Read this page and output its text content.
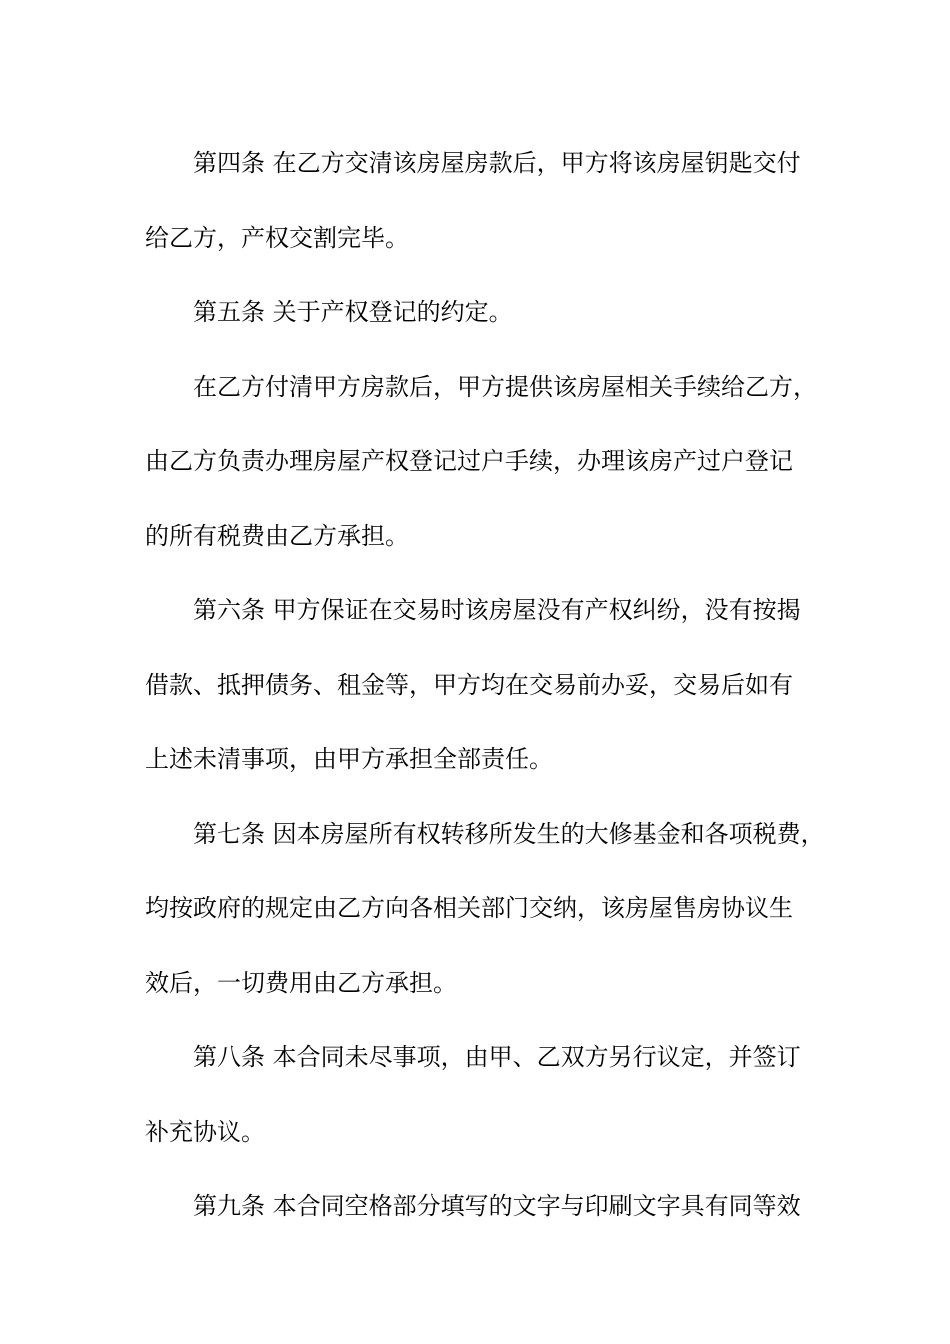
第四条 在乙方交清该房屋房款后，甲方将该房屋钥匙交付
给乙方，产权交割完毕。

第五条 关于产权登记的约定。

在乙方付清甲方房款后，甲方提供该房屋相关手续给乙方，
由乙方负责办理房屋产权登记过户手续，办理该房产过户登记
的所有税费由乙方承担。

第六条 甲方保证在交易时该房屋没有产权纠纷，没有按揭
借款、抵押债务、租金等，甲方均在交易前办妥，交易后如有
上述未清事项，由甲方承担全部责任。

第七条 因本房屋所有权转移所发生的大修基金和各项税费，
均按政府的规定由乙方向各相关部门交纳，该房屋售房协议生
效后，一切费用由乙方承担。

第八条 本合同未尽事项，由甲、乙双方另行议定，并签订
补充协议。

第九条 本合同空格部分填写的文字与印刷文字具有同等效
